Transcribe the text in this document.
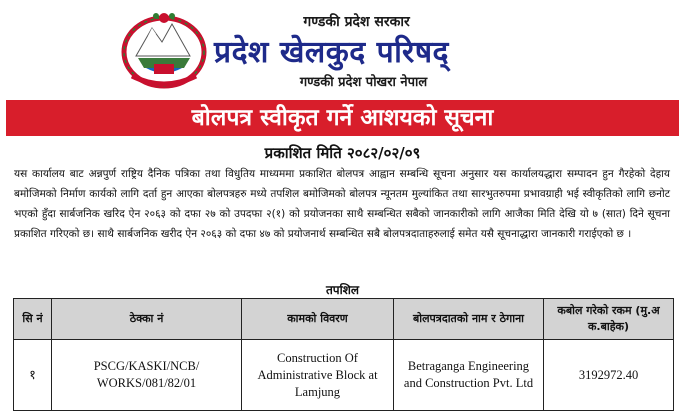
गण्डकी प्रदेश सरकार
प्रदेश खेलकुद परिषद्
गण्डकी प्रदेश पोखरा नेपाल
बोलपत्र स्वीकृत गर्ने आशयको सूचना
प्रकाशित मिति २०८२/०२/०९
यस कार्यालय बाट अन्नपुर्ण राष्ट्रिय दैनिक पत्रिका तथा विधुतिय माध्यममा प्रकाशित बोलपत्र आह्वान सम्बन्धि सूचना अनुसार यस कार्यालयद्धारा सम्पादन हुन गैरहेको देहाय बमोजिमको निर्माण कार्यको लागि दर्ता हुन आएका बोलपत्रहरु मध्ये तपशिल बमोजिमको बोलपत्र न्यूनतम मुल्यांकित तथा सारभुतरुपमा प्रभावग्राही भई स्वीकृतिको लागि छनोट भएको हुँदा सार्बजनिक खरिद ऐन २०६३ को दफा २७ को उपदफा २(१) को प्रयोजनका साथै सम्बन्धित सबैको जानकारीको लागि आजैका मिति देखि यो ७ (सात) दिने सूचना प्रकाशित गरिएको छ। साथै सार्बजनिक खरीद ऐन २०६३ को दफा ४७ को प्रयोजनार्थ सम्बन्धित सबै बोलपत्रदाताहरुलाई समेत यसै सूचनाद्धारा जानकारी गराईएको छ ।
तपशिल
सि नं	ठेक्का नं	कामको विवरण	बोलपत्रदातको नाम र ठेगाना	कबोल गरेको रकम (मु.अ क.बाहेक)
१	PSCG/KASKI/NCB/ WORKS/081/82/01	Construction Of Administrative Block at Lamjung	Betraganga Engineering and Construction Pvt. Ltd	3192972.40
